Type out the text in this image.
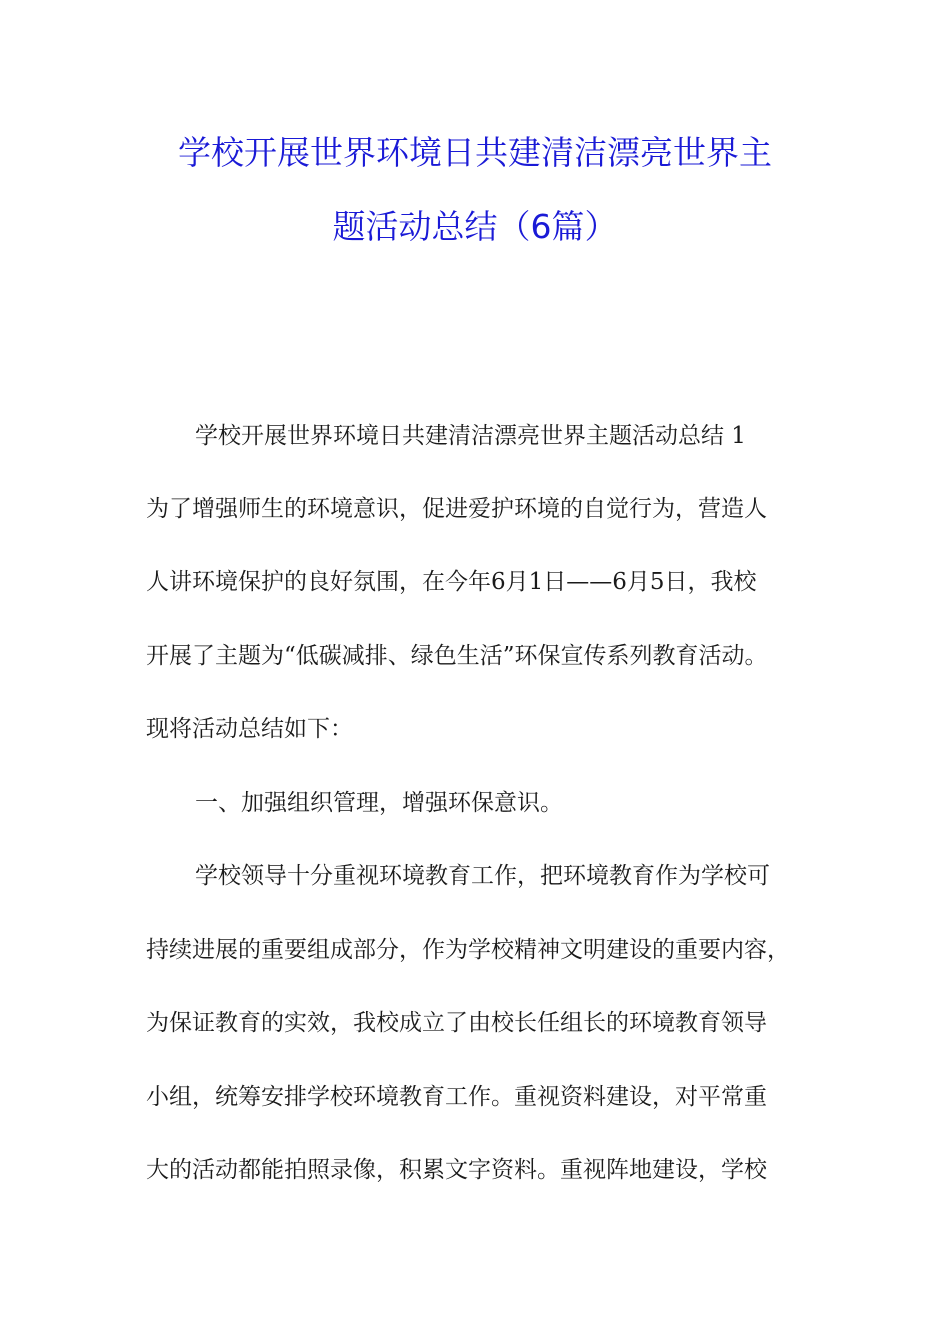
学校开展世界环境日共建清洁漂亮世界主
题活动总结（6篇）
学校开展世界环境日共建清洁漂亮世界主题活动总结 1
为了增强师生的环境意识，促进爱护环境的自觉行为，营造人
人讲环境保护的良好氛围，在今年6月1日——6月5日，我校
开展了主题为“低碳减排、绿色生活”环保宣传系列教育活动。
现将活动总结如下：
一、加强组织管理，增强环保意识。
学校领导十分重视环境教育工作，把环境教育作为学校可
持续进展的重要组成部分，作为学校精神文明建设的重要内容，
为保证教育的实效，我校成立了由校长任组长的环境教育领导
小组，统筹安排学校环境教育工作。重视资料建设，对平常重
大的活动都能拍照录像，积累文字资料。重视阵地建设，学校
